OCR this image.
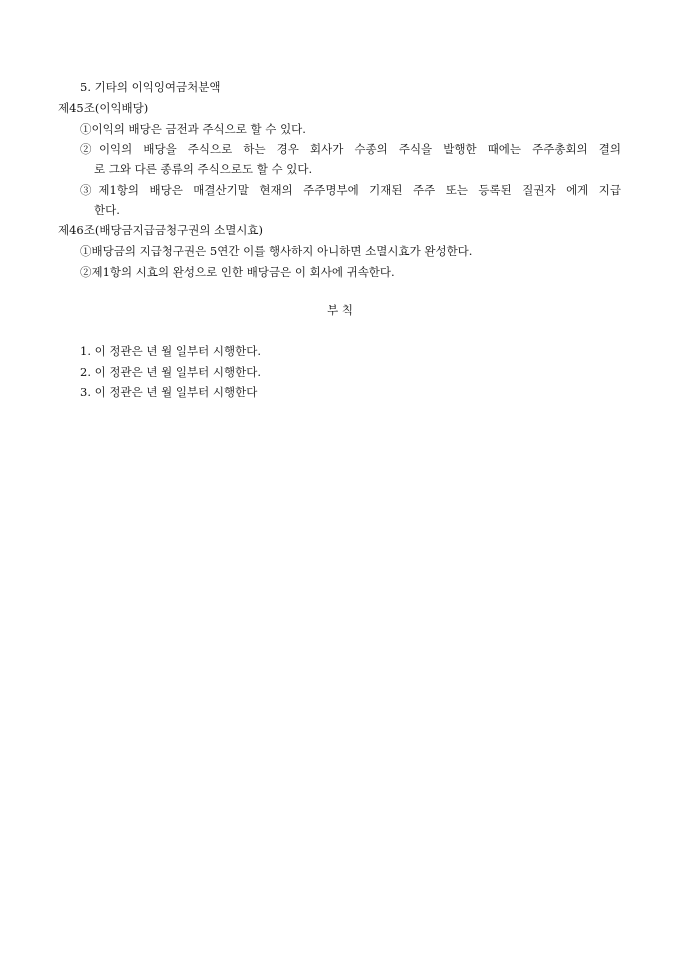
5. 기타의 이익잉여금처분액
제45조(이익배당)
①이익의 배당은 금전과 주식으로 할 수 있다.
②이익의 배당을 주식으로 하는 경우 회사가 수종의 주식을 발행한 때에는 주주총회의 결의
로 그와 다른 종류의 주식으로도 할 수 있다.
③제1항의 배당은 매결산기말 현재의 주주명부에 기재된 주주 또는 등록된 질권자 에게 지급
한다.
제46조(배당금지급금청구권의 소멸시효)
①배당금의 지급청구권은 5연간 이를 행사하지 아니하면 소멸시효가 완성한다.
②제1항의 시효의 완성으로 인한 배당금은 이 회사에 귀속한다.
부 칙
1. 이 정관은 년 월 일부터 시행한다.
2. 이 정관은 년 월 일부터 시행한다.
3. 이 정관은 년 월 일부터 시행한다
